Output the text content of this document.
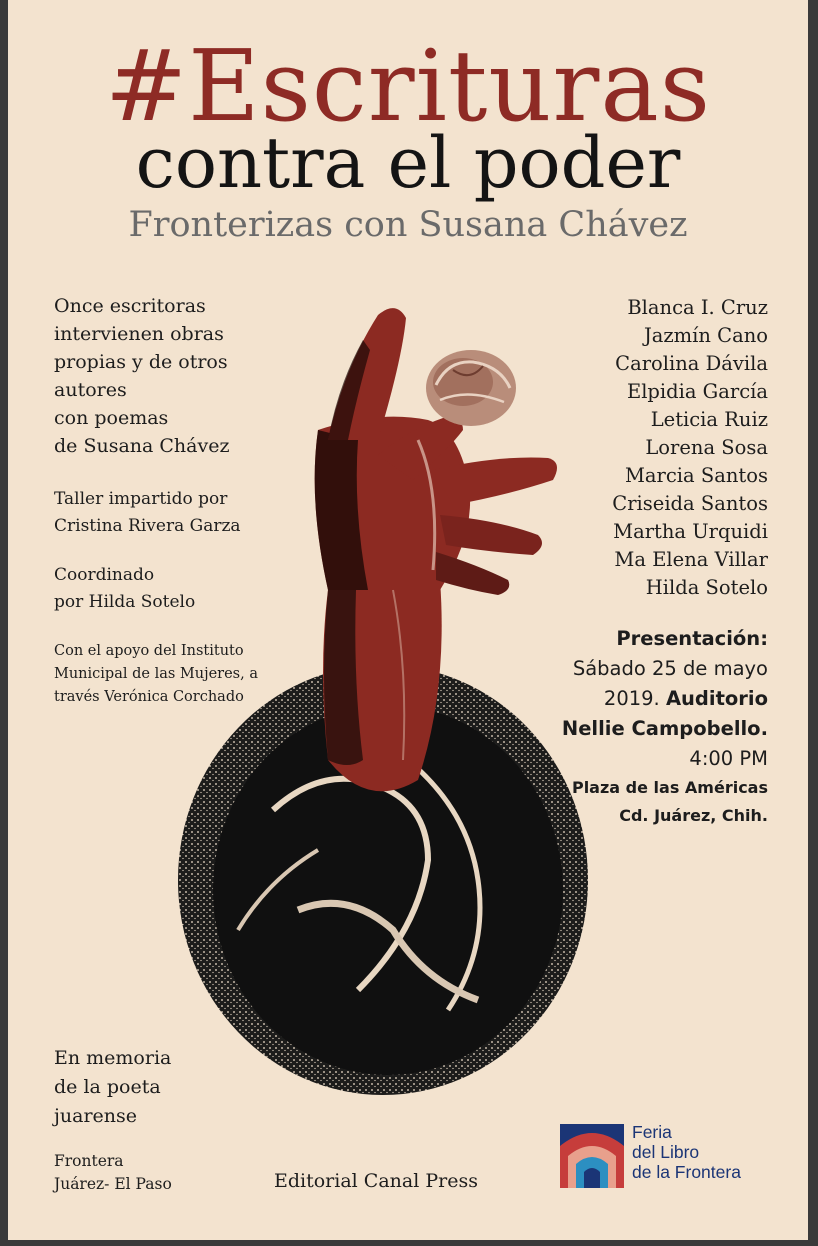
#Escrituras
contra el poder
Fronterizas con Susana Chávez
Once escritoras
intervienen obras
propias y de otros
autores
con poemas
de Susana Chávez
Taller impartido por
Cristina Rivera Garza
Coordinado
por Hilda Sotelo
Con el apoyo del Instituto
Municipal de las Mujeres, a
través Verónica Corchado
Blanca I. Cruz
Jazmín Cano
Carolina Dávila
Elpidia García
Leticia Ruiz
Lorena Sosa
Marcia Santos
Criseida Santos
Martha Urquidi
Ma Elena Villar
Hilda Sotelo
Presentación:
Sábado 25 de mayo
2019. Auditorio
Nellie Campobello.
4:00 PM
Plaza de las Américas
Cd. Juárez, Chih.
En memoria
de la poeta
juarense
Frontera
Juárez- El Paso	Editorial Canal Press
Feria
del Libro
de la Frontera
